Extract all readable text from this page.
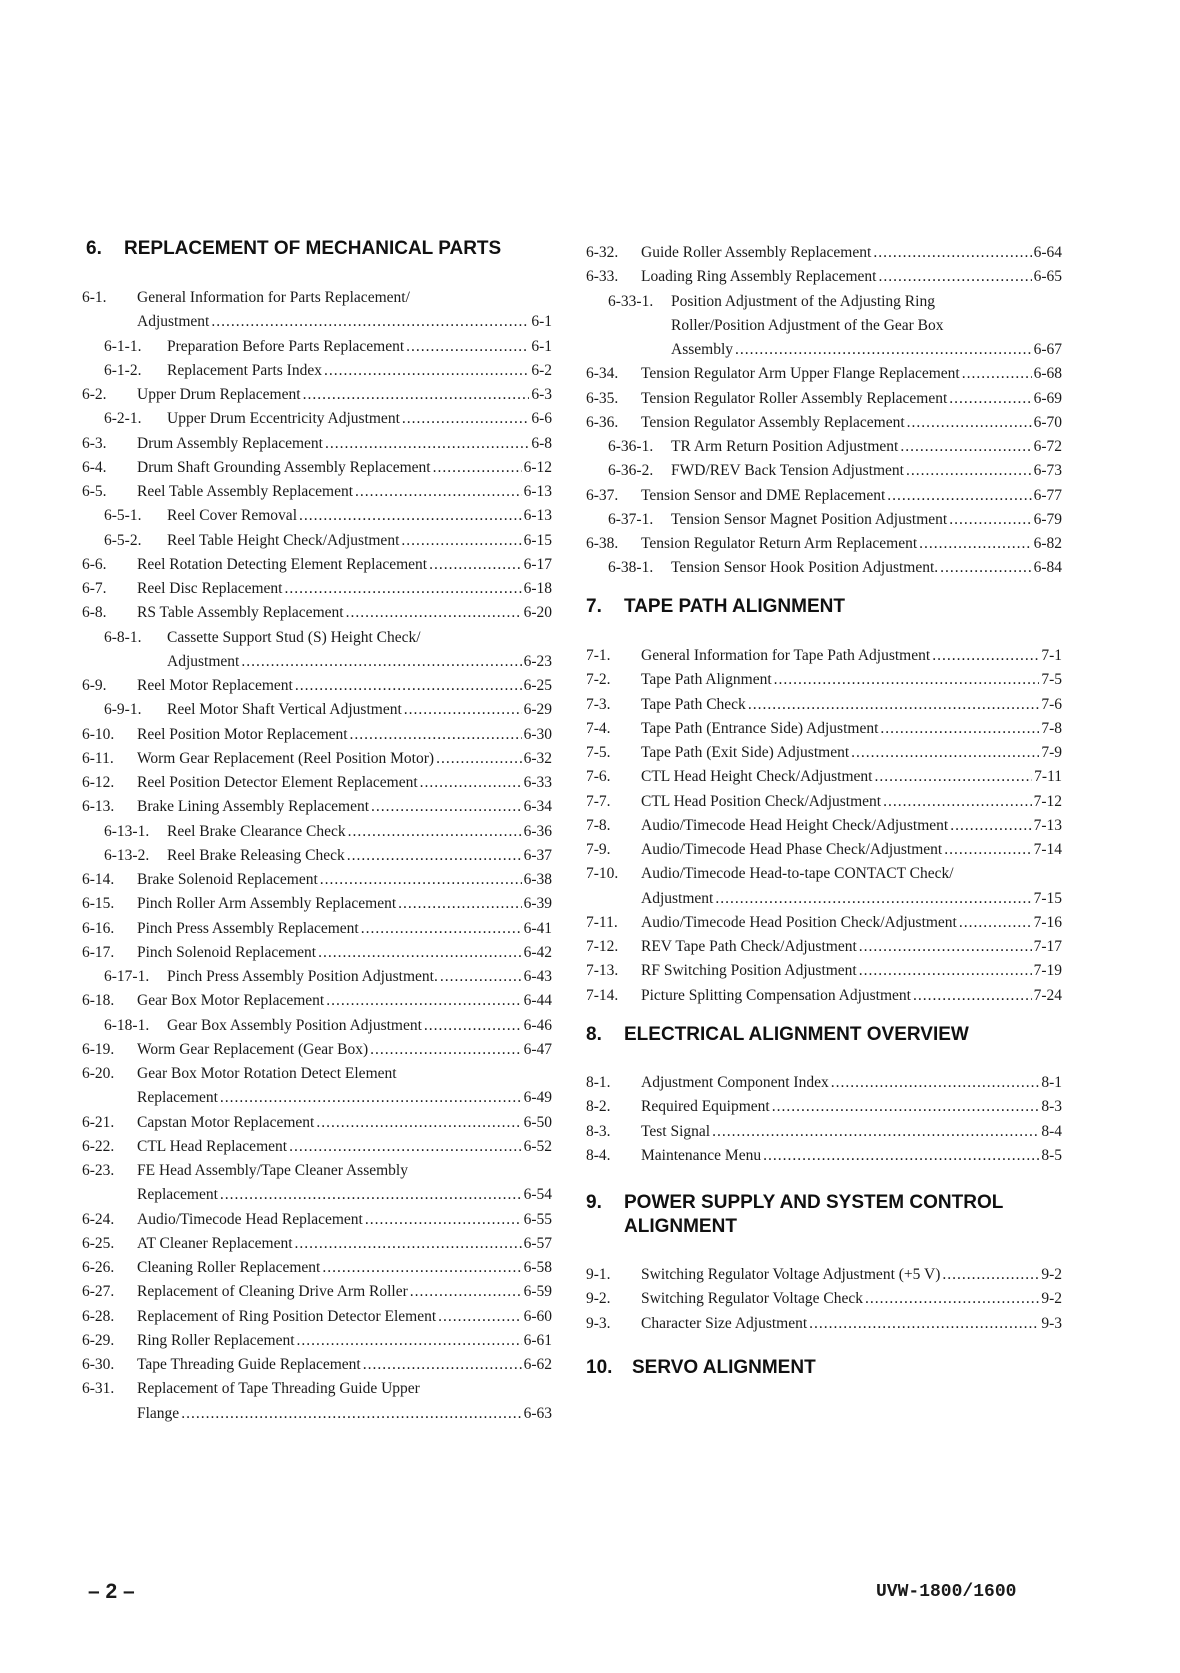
6. REPLACEMENT OF MECHANICAL PARTS
6-1. General Information for Parts Replacement/
Adjustment .....	6-1
6-1-1. Preparation Before Parts Replacement .....	6-1
6-1-2. Replacement Parts Index .....	6-2
6-2. Upper Drum Replacement .....	6-3
6-2-1. Upper Drum Eccentricity Adjustment .....	6-6
6-3. Drum Assembly Replacement .....	6-8
6-4. Drum Shaft Grounding Assembly Replacement .....	6-12
6-5. Reel Table Assembly Replacement .....	6-13
6-5-1. Reel Cover Removal .....	6-13
6-5-2. Reel Table Height Check/Adjustment .....	6-15
6-6. Reel Rotation Detecting Element Replacement .....	6-17
6-7. Reel Disc Replacement .....	6-18
6-8. RS Table Assembly Replacement .....	6-20
6-8-1. Cassette Support Stud (S) Height Check/
Adjustment .....	6-23
6-9. Reel Motor Replacement .....	6-25
6-9-1. Reel Motor Shaft Vertical Adjustment .....	6-29
6-10. Reel Position Motor Replacement .....	6-30
6-11. Worm Gear Replacement (Reel Position Motor) .....	6-32
6-12. Reel Position Detector Element Replacement .....	6-33
6-13. Brake Lining Assembly Replacement .....	6-34
6-13-1. Reel Brake Clearance Check .....	6-36
6-13-2. Reel Brake Releasing Check .....	6-37
6-14. Brake Solenoid Replacement .....	6-38
6-15. Pinch Roller Arm Assembly Replacement .....	6-39
6-16. Pinch Press Assembly Replacement .....	6-41
6-17. Pinch Solenoid Replacement .....	6-42
6-17-1. Pinch Press Assembly Position Adjustment. .....	6-43
6-18. Gear Box Motor Replacement .....	6-44
6-18-1. Gear Box Assembly Position Adjustment .....	6-46
6-19. Worm Gear Replacement (Gear Box) .....	6-47
6-20. Gear Box Motor Rotation Detect Element
Replacement .....	6-49
6-21. Capstan Motor Replacement .....	6-50
6-22. CTL Head Replacement .....	6-52
6-23. FE Head Assembly/Tape Cleaner Assembly
Replacement .....	6-54
6-24. Audio/Timecode Head Replacement .....	6-55
6-25. AT Cleaner Replacement .....	6-57
6-26. Cleaning Roller Replacement .....	6-58
6-27. Replacement of Cleaning Drive Arm Roller .....	6-59
6-28. Replacement of Ring Position Detector Element .....	6-60
6-29. Ring Roller Replacement .....	6-61
6-30. Tape Threading Guide Replacement .....	6-62
6-31. Replacement of Tape Threading Guide Upper
Flange .....	6-63
6-32. Guide Roller Assembly Replacement .....	6-64
6-33. Loading Ring Assembly Replacement .....	6-65
6-33-1. Position Adjustment of the Adjusting Ring
Roller/Position Adjustment of the Gear Box
Assembly .....	6-67
6-34. Tension Regulator Arm Upper Flange Replacement .....	6-68
6-35. Tension Regulator Roller Assembly Replacement .....	6-69
6-36. Tension Regulator Assembly Replacement .....	6-70
6-36-1. TR Arm Return Position Adjustment .....	6-72
6-36-2. FWD/REV Back Tension Adjustment .....	6-73
6-37. Tension Sensor and DME Replacement .....	6-77
6-37-1. Tension Sensor Magnet Position Adjustment .....	6-79
6-38. Tension Regulator Return Arm Replacement .....	6-82
6-38-1. Tension Sensor Hook Position Adjustment. .....	6-84
7. TAPE PATH ALIGNMENT
7-1. General Information for Tape Path Adjustment .....	7-1
7-2. Tape Path Alignment .....	7-5
7-3. Tape Path Check .....	7-6
7-4. Tape Path (Entrance Side) Adjustment .....	7-8
7-5. Tape Path (Exit Side) Adjustment .....	7-9
7-6. CTL Head Height Check/Adjustment .....	7-11
7-7. CTL Head Position Check/Adjustment .....	7-12
7-8. Audio/Timecode Head Height Check/Adjustment .....	7-13
7-9. Audio/Timecode Head Phase Check/Adjustment .....	7-14
7-10. Audio/Timecode Head-to-tape CONTACT Check/
Adjustment .....	7-15
7-11. Audio/Timecode Head Position Check/Adjustment .....	7-16
7-12. REV Tape Path Check/Adjustment .....	7-17
7-13. RF Switching Position Adjustment .....	7-19
7-14. Picture Splitting Compensation Adjustment .....	7-24
8. ELECTRICAL ALIGNMENT OVERVIEW
8-1. Adjustment Component Index .....	8-1
8-2. Required Equipment .....	8-3
8-3. Test Signal .....	8-4
8-4. Maintenance Menu .....	8-5
9. POWER SUPPLY AND SYSTEM CONTROL
ALIGNMENT
9-1. Switching Regulator Voltage Adjustment (+5 V) .....	9-2
9-2. Switching Regulator Voltage Check .....	9-2
9-3. Character Size Adjustment .....	9-3
10. SERVO ALIGNMENT
– 2 –	UVW-1800/1600
